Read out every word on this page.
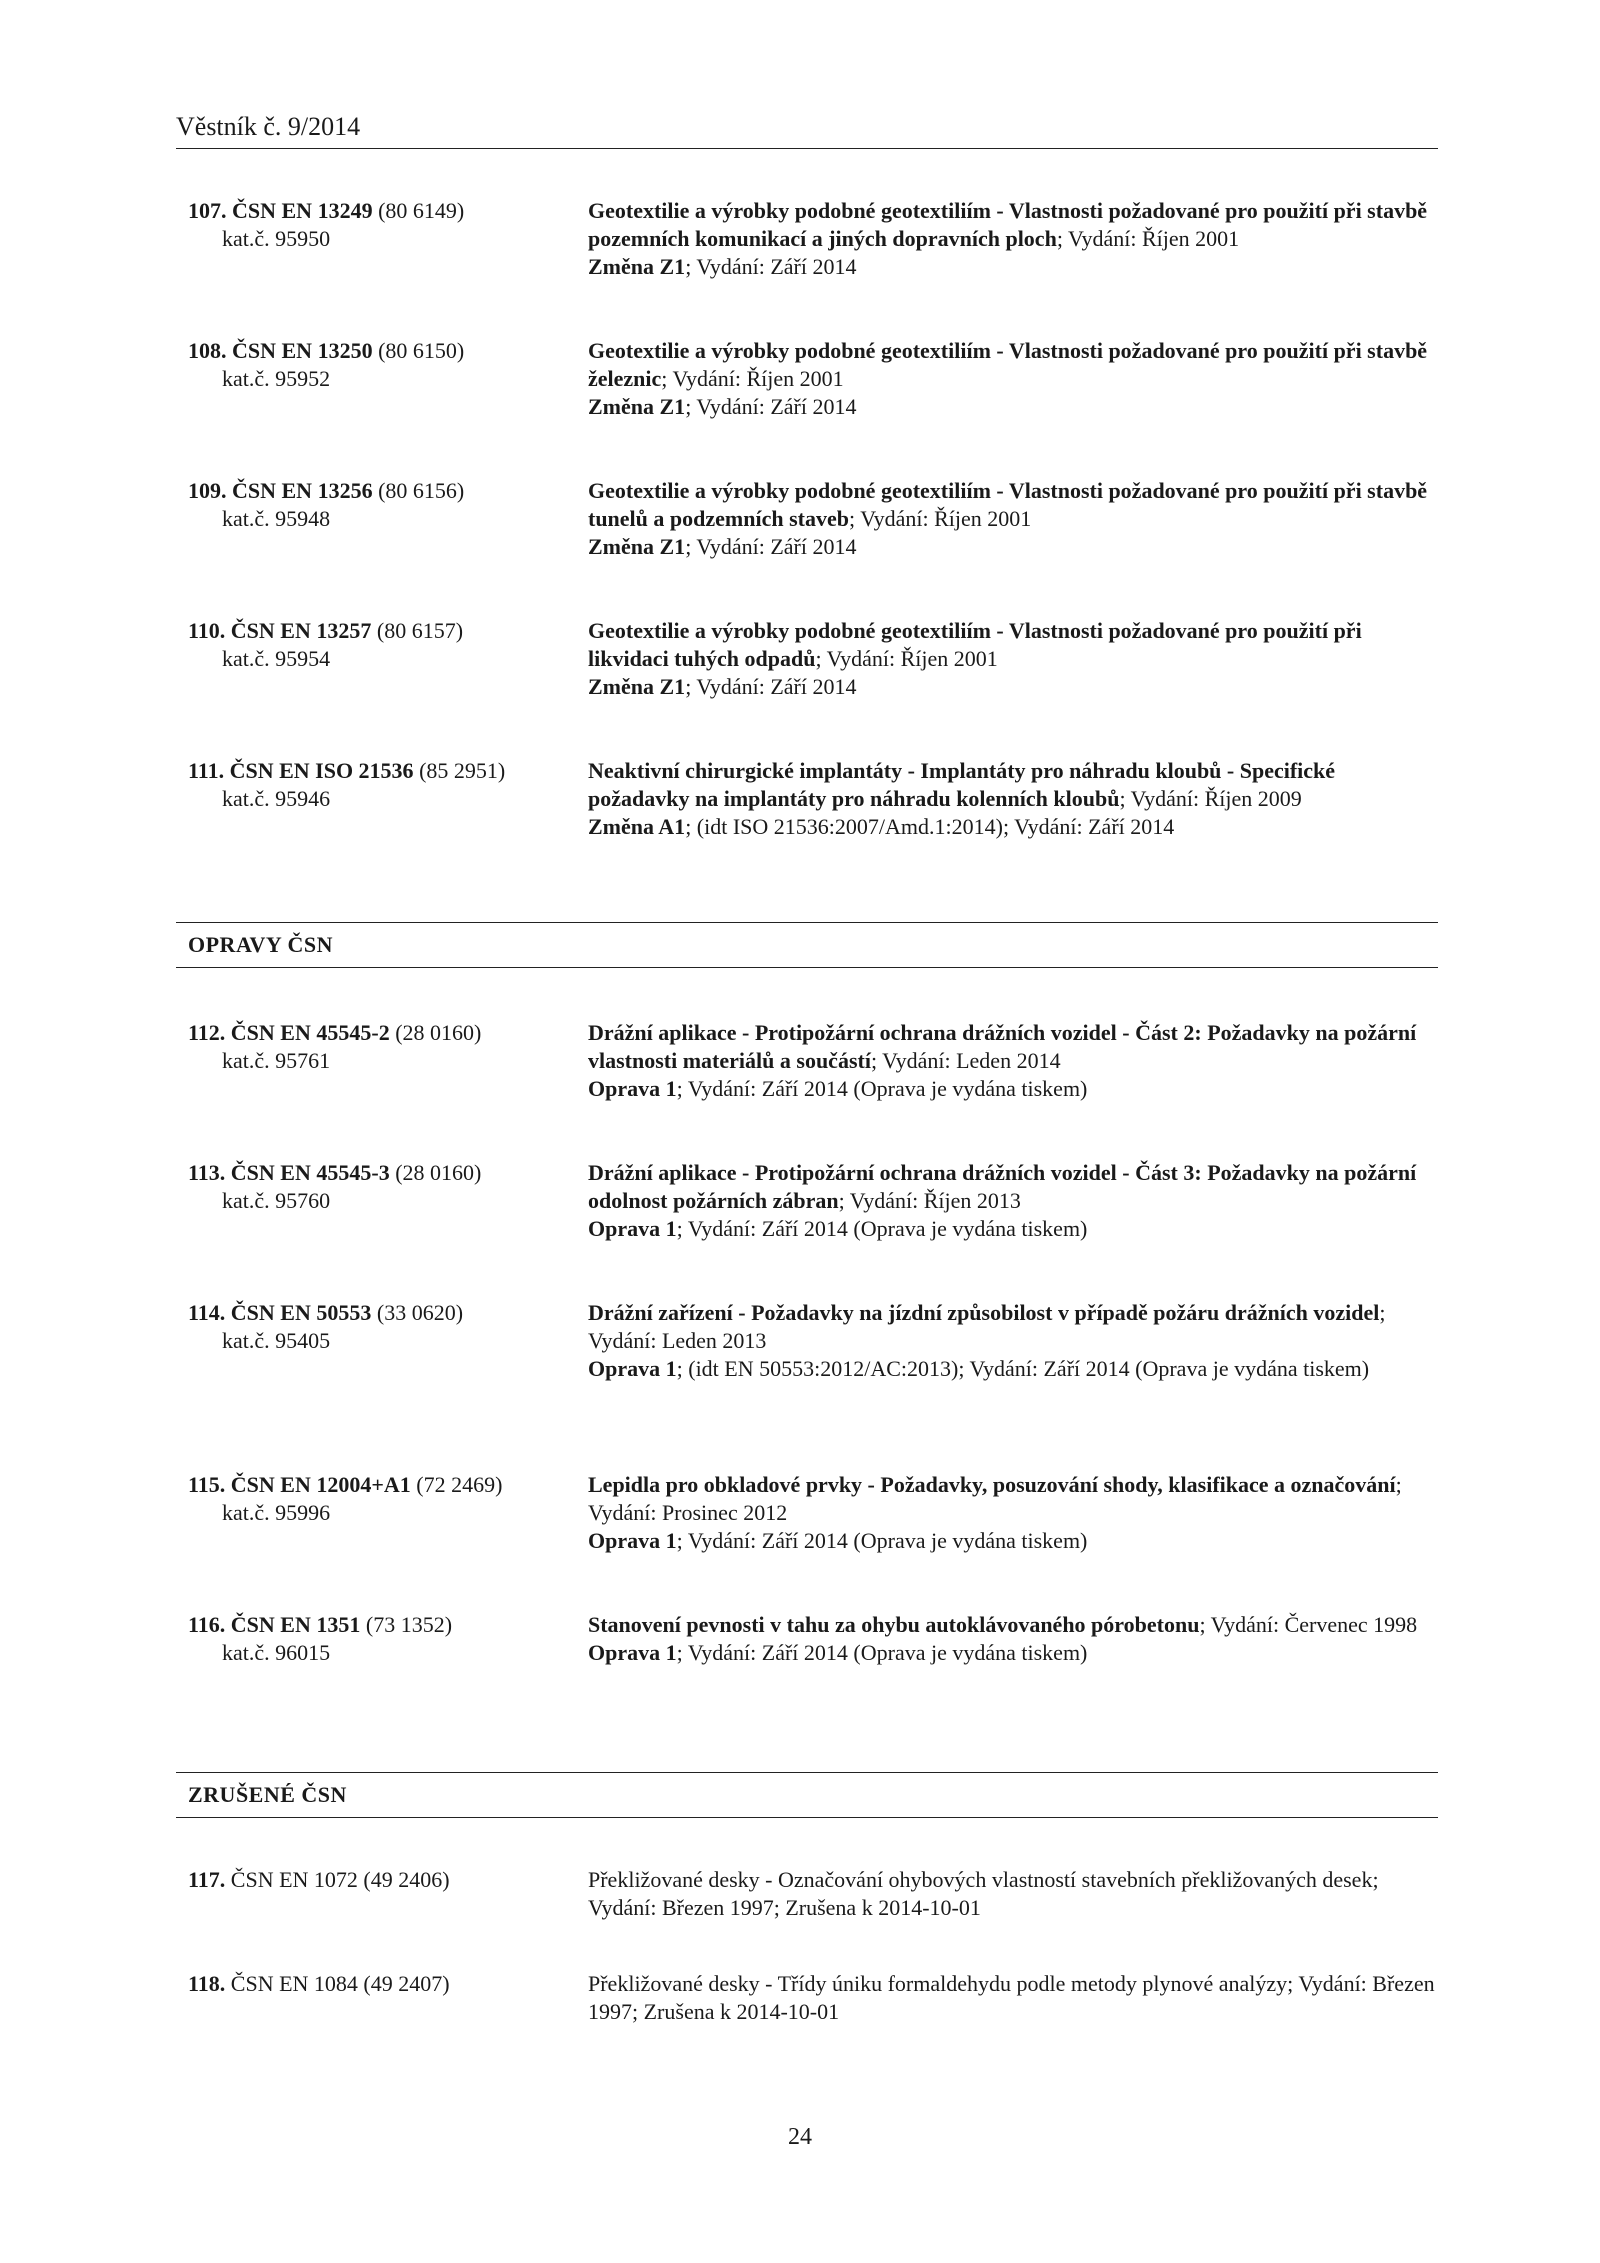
Věstník č. 9/2014
107. ČSN EN 13249 (80 6149)
kat.č. 95950
Geotextilie a výrobky podobné geotextiliím - Vlastnosti požadované pro použití při stavbě pozemních komunikací a jiných dopravních ploch; Vydání: Říjen 2001
Změna Z1; Vydání: Září 2014
108. ČSN EN 13250 (80 6150)
kat.č. 95952
Geotextilie a výrobky podobné geotextiliím - Vlastnosti požadované pro použití při stavbě železnic; Vydání: Říjen 2001
Změna Z1; Vydání: Září 2014
109. ČSN EN 13256 (80 6156)
kat.č. 95948
Geotextilie a výrobky podobné geotextiliím - Vlastnosti požadované pro použití při stavbě tunelů a podzemních staveb; Vydání: Říjen 2001
Změna Z1; Vydání: Září 2014
110. ČSN EN 13257 (80 6157)
kat.č. 95954
Geotextilie a výrobky podobné geotextiliím - Vlastnosti požadované pro použití při likvidaci tuhých odpadů; Vydání: Říjen 2001
Změna Z1; Vydání: Září 2014
111. ČSN EN ISO 21536 (85 2951)
kat.č. 95946
Neaktivní chirurgické implantáty - Implantáty pro náhradu kloubů - Specifické požadavky na implantáty pro náhradu kolenních kloubů; Vydání: Říjen 2009
Změna A1; (idt ISO 21536:2007/Amd.1:2014); Vydání: Září 2014
OPRAVY ČSN
112. ČSN EN 45545-2 (28 0160)
kat.č. 95761
Drážní aplikace - Protipožární ochrana drážních vozidel - Část 2: Požadavky na požární vlastnosti materiálů a součástí; Vydání: Leden 2014
Oprava 1; Vydání: Září 2014 (Oprava je vydána tiskem)
113. ČSN EN 45545-3 (28 0160)
kat.č. 95760
Drážní aplikace - Protipožární ochrana drážních vozidel - Část 3: Požadavky na požární odolnost požárních zábran; Vydání: Říjen 2013
Oprava 1; Vydání: Září 2014 (Oprava je vydána tiskem)
114. ČSN EN 50553 (33 0620)
kat.č. 95405
Drážní zařízení - Požadavky na jízdní způsobilost v případě požáru drážních vozidel; Vydání: Leden 2013
Oprava 1; (idt EN 50553:2012/AC:2013); Vydání: Září 2014 (Oprava je vydána tiskem)
115. ČSN EN 12004+A1 (72 2469)
kat.č. 95996
Lepidla pro obkladové prvky - Požadavky, posuzování shody, klasifikace a označování; Vydání: Prosinec 2012
Oprava 1; Vydání: Září 2014 (Oprava je vydána tiskem)
116. ČSN EN 1351 (73 1352)
kat.č. 96015
Stanovení pevnosti v tahu za ohybu autoklávovaného pórobetonu; Vydání: Červenec 1998
Oprava 1; Vydání: Září 2014 (Oprava je vydána tiskem)
ZRUŠENÉ ČSN
117. ČSN EN 1072 (49 2406)	Překližované desky - Označování ohybových vlastností stavebních překližovaných desek; Vydání: Březen 1997; Zrušena k 2014-10-01
118. ČSN EN 1084 (49 2407)	Překližované desky - Třídy úniku formaldehydu podle metody plynové analýzy; Vydání: Březen 1997; Zrušena k 2014-10-01
24
